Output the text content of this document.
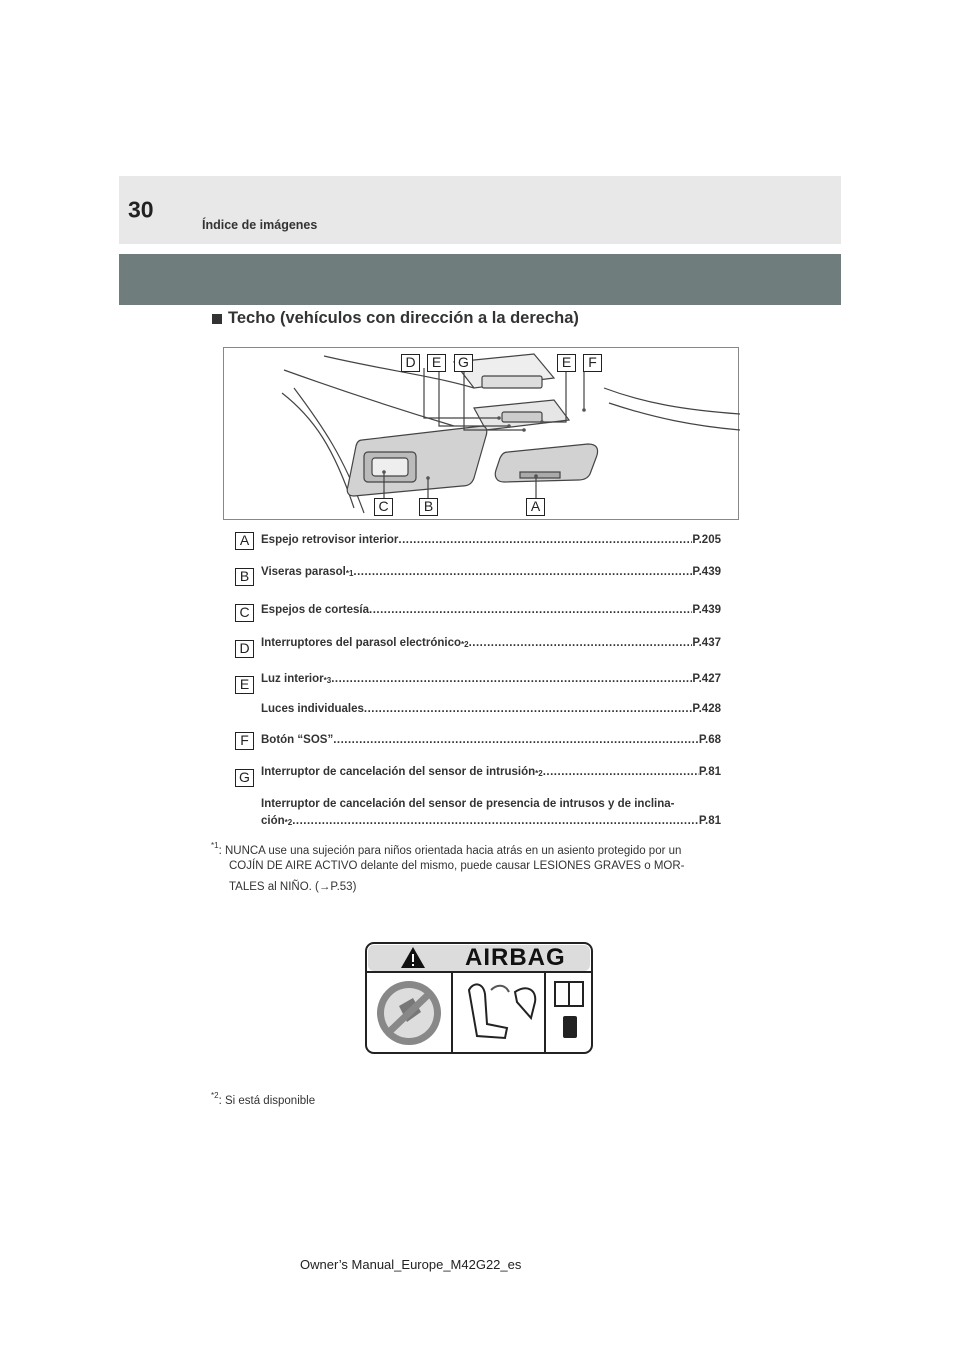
30
Índice de imágenes
Techo (vehículos con dirección a la derecha)
D	E	G	E	F
C	B	A
A	Espejo retrovisor interior .....	P.205
B	Viseras parasol *1 .....	P.439
C Espejos de cortesía .....	P.439
D Interruptores del parasol electrónico *2 .....	P.437
E	Luz interior *3 .....	P.427
Luces individuales .....	P.428
F	Botón “SOS” .....	P.68
G Interruptor de cancelación del sensor de intrusión *2 .....	P.81
Interruptor de cancelación del sensor de presencia de intrusos y de inclina-
ción *2 .....	P.81
$^{*1}$: NUNCA use una sujeción para niños orientada hacia atrás en un asiento protegido por un
COJÍN DE AIRE ACTIVO delante del mismo, puede causar LESIONES GRAVES o MOR-
TALES al NIÑO. (→P.53)
AIRBAG
$^{*2}$: Si está disponible
Owner’s Manual_Europe_M42G22_es
